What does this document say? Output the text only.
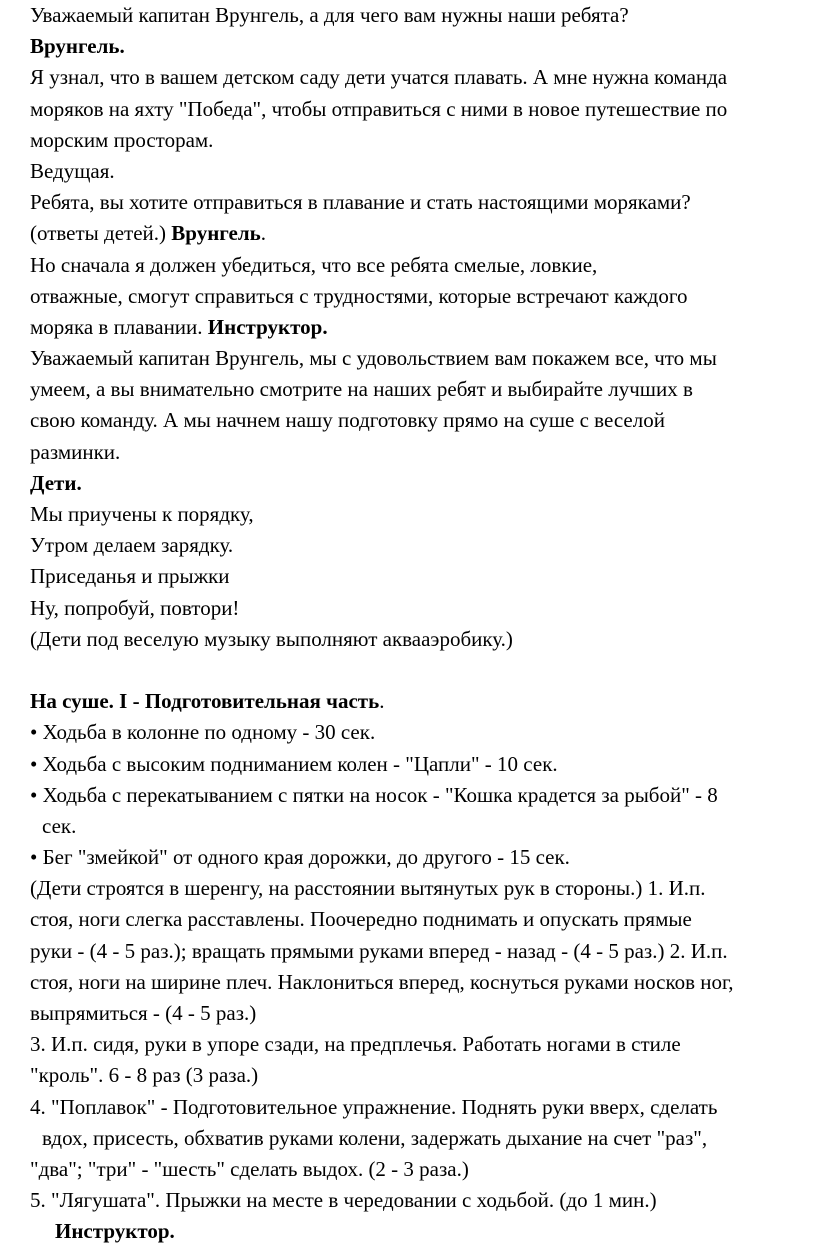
Уважаемый капитан Врунгель, а для чего вам нужны наши ребята?
Врунгель.
Я узнал, что в вашем детском саду дети учатся плавать. А мне нужна команда
моряков на яхту "Победа", чтобы отправиться с ними в новое путешествие по
морским просторам.
Ведущая.
Ребята, вы хотите отправиться в плавание и стать настоящими моряками?
(ответы детей.) Врунгель.
Но сначала я должен убедиться, что все ребята смелые, ловкие,
отважные, смогут справиться с трудностями, которые встречают каждого
моряка в плавании. Инструктор.
Уважаемый капитан Врунгель, мы с удовольствием вам покажем все, что мы
умеем, а вы внимательно смотрите на наших ребят и выбирайте лучших в
свою команду. А мы начнем нашу подготовку прямо на суше с веселой
разминки.
Дети.
Мы приучены к порядку,
Утром делаем зарядку.
Приседанья и прыжки
Ну, попробуй, повтори!
(Дети под веселую музыку выполняют аквааэробику.)
На суше. I - Подготовительная часть.
• Ходьба в колонне по одному - 30 сек.
• Ходьба с высоким подниманием колен - "Цапли" - 10 сек.
• Ходьба с перекатыванием с пятки на носок - "Кошка крадется за рыбой" - 8
сек.
• Бег "змейкой" от одного края дорожки, до другого - 15 сек.
(Дети строятся в шеренгу, на расстоянии вытянутых рук в стороны.) 1. И.п.
стоя, ноги слегка расставлены. Поочередно поднимать и опускать прямые
руки - (4 - 5 раз.); вращать прямыми руками вперед - назад - (4 - 5 раз.) 2. И.п.
стоя, ноги на ширине плеч. Наклониться вперед, коснуться руками носков ног,
выпрямиться - (4 - 5 раз.)
3. И.п. сидя, руки в упоре сзади, на предплечья. Работать ногами в стиле
"кроль". 6 - 8 раз (3 раза.)
4. "Поплавок" - Подготовительное упражнение. Поднять руки вверх, сделать
вдох, присесть, обхватив руками колени, задержать дыхание на счет "раз",
"два"; "три" - "шесть" сделать выдох. (2 - 3 раза.)
5. "Лягушата". Прыжки на месте в чередовании с ходьбой. (до 1 мин.)
Инструктор.
